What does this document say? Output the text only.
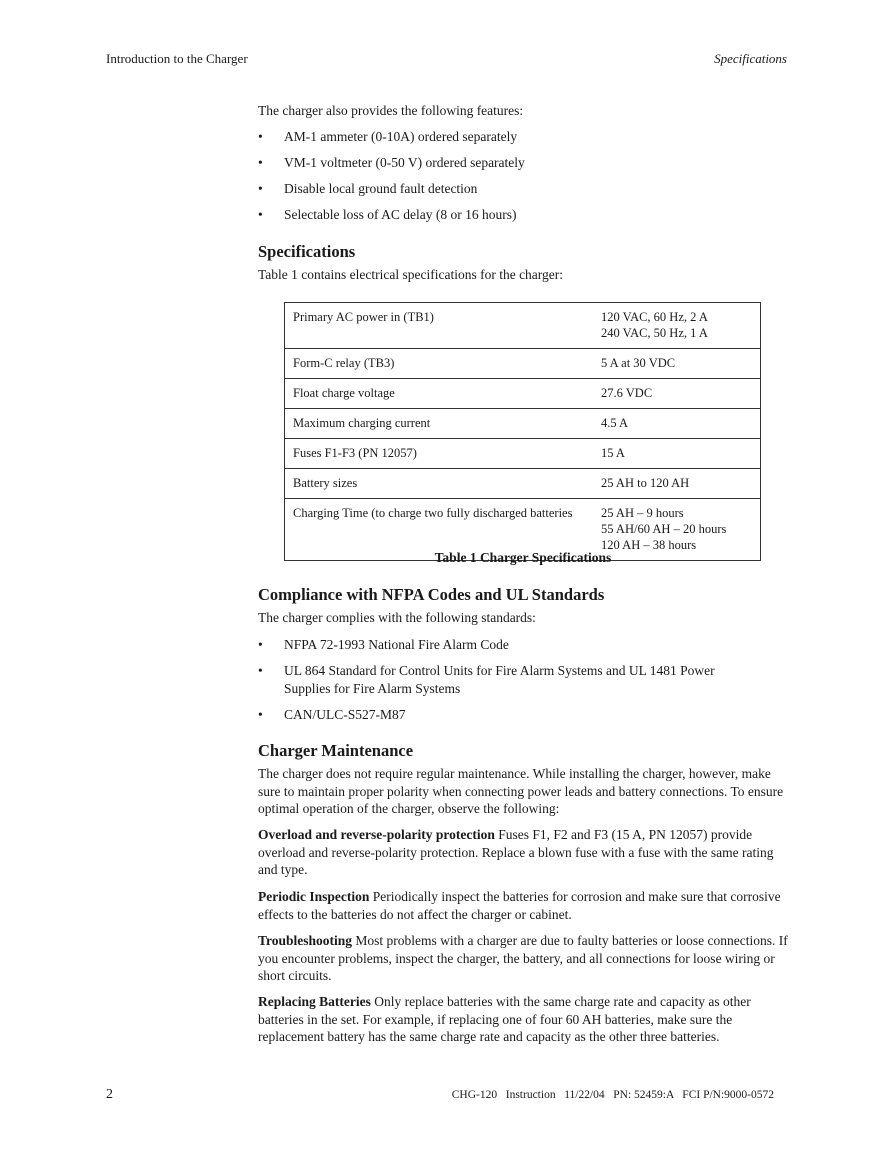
Introduction to the Charger	Specifications

The charger also provides the following features:

• AM-1 ammeter (0-10A) ordered separately
• VM-1 voltmeter (0-50 V) ordered separately
• Disable local ground fault detection
• Selectable loss of AC delay (8 or 16 hours)
Specifications

Table 1 contains electrical specifications for the charger:

Primary AC power in (TB1)	120 VAC, 60 Hz, 2 A
240 VAC, 50 Hz, 1 A

Form-C relay (TB3)	5 A at 30 VDC

Float charge voltage	27.6 VDC

Maximum charging current	4.5 A

Fuses F1-F3 (PN 12057)	15 A

Battery sizes	25 AH to 120 AH

Charging Time (to charge two fully discharged batteries	25 AH – 9 hours
55 AH/60 AH – 20 hours
120 AH – 38 hours
Table 1 Charger Specifications
Compliance with NFPA Codes and UL Standards

The charger complies with the following standards:

• NFPA 72-1993 National Fire Alarm Code
• UL 864 Standard for Control Units for Fire Alarm Systems and UL 1481 Power Supplies for Fire Alarm Systems
• CAN/ULC-S527-M87
Charger Maintenance

The charger does not require regular maintenance. While installing the charger, however, make sure to maintain proper polarity when connecting power leads and battery connections. To ensure optimal operation of the charger, observe the following:

Overload and reverse-polarity protection Fuses F1, F2 and F3 (15 A, PN 12057) provide overload and reverse-polarity protection. Replace a blown fuse with a fuse with the same rating and type.

Periodic Inspection Periodically inspect the batteries for corrosion and make sure that corrosive effects to the batteries do not affect the charger or cabinet.

Troubleshooting Most problems with a charger are due to faulty batteries or loose connections. If you encounter problems, inspect the charger, the battery, and all connections for loose wiring or short circuits.

Replacing Batteries Only replace batteries with the same charge rate and capacity as other batteries in the set. For example, if replacing one of four 60 AH batteries, make sure the replacement battery has the same charge rate and capacity as the other three batteries.

2	CHG-120   Instruction   11/22/04   PN: 52459:A   FCI P/N:9000-0572
